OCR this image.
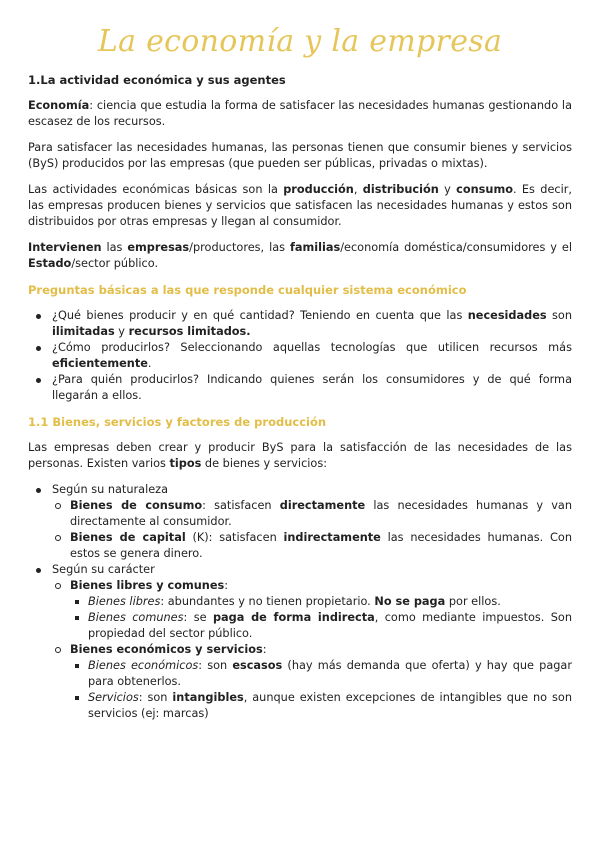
La economía y la empresa
1.La actividad económica y sus agentes

Economía: ciencia que estudia la forma de satisfacer las necesidades humanas gestionando la escasez de los recursos.

Para satisfacer las necesidades humanas, las personas tienen que consumir bienes y servicios (ByS) producidos por las empresas (que pueden ser públicas, privadas o mixtas).

Las actividades económicas básicas son la producción, distribución y consumo. Es decir, las empresas producen bienes y servicios que satisfacen las necesidades humanas y estos son distribuidos por otras empresas y llegan al consumidor.

Intervienen las empresas/productores, las familias/economía doméstica/consumidores y el Estado/sector público.

Preguntas básicas a las que responde cualquier sistema económico
¿Qué bienes producir y en qué cantidad? Teniendo en cuenta que las necesidades son ilimitadas y recursos limitados.
¿Cómo producirlos? Seleccionando aquellas tecnologías que utilicen recursos más eficientemente.
¿Para quién producirlos? Indicando quienes serán los consumidores y de qué forma llegarán a ellos.
1.1 Bienes, servicios y factores de producción

Las empresas deben crear y producir ByS para la satisfacción de las necesidades de las personas. Existen varios tipos de bienes y servicios:

Según su naturaleza
Bienes de consumo: satisfacen directamente las necesidades humanas y van directamente al consumidor.
Bienes de capital (K): satisfacen indirectamente las necesidades humanas. Con estos se genera dinero.
Según su carácter
Bienes libres y comunes:
Bienes libres: abundantes y no tienen propietario. No se paga por ellos.
Bienes comunes: se paga de forma indirecta, como mediante impuestos. Son propiedad del sector público.
Bienes económicos y servicios:
Bienes económicos: son escasos (hay más demanda que oferta) y hay que pagar para obtenerlos.
Servicios: son intangibles, aunque existen excepciones de intangibles que no son servicios (ej: marcas)
